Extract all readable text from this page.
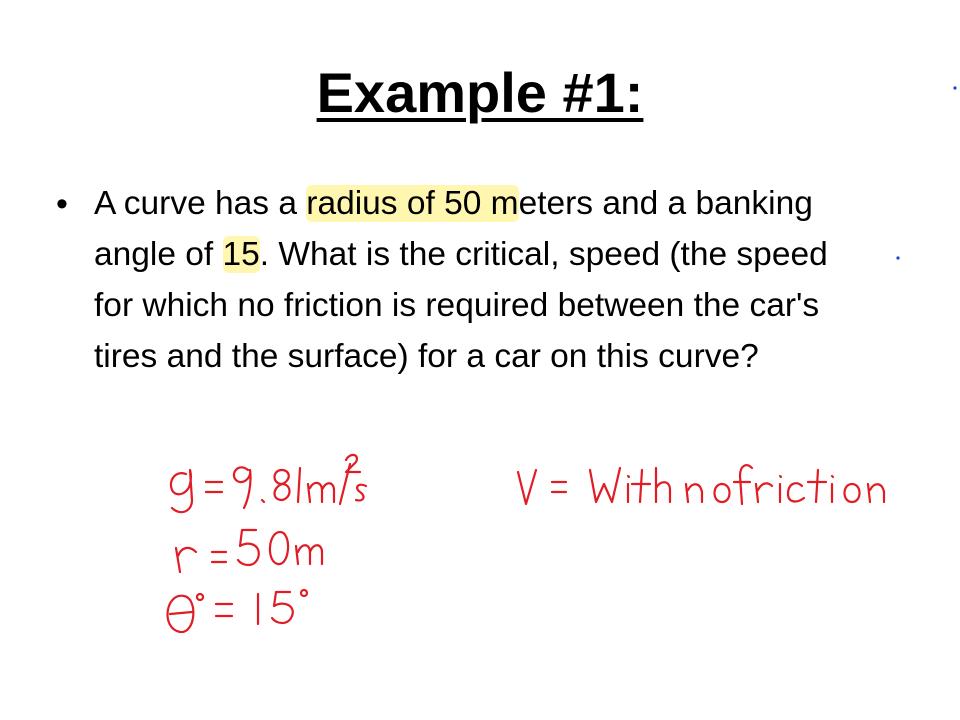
Example #1:
• A curve has a radius of 50 meters and a banking angle of 15. What is the critical, speed (the speed for which no friction is required between the car's tires and the surface) for a car on this curve?
